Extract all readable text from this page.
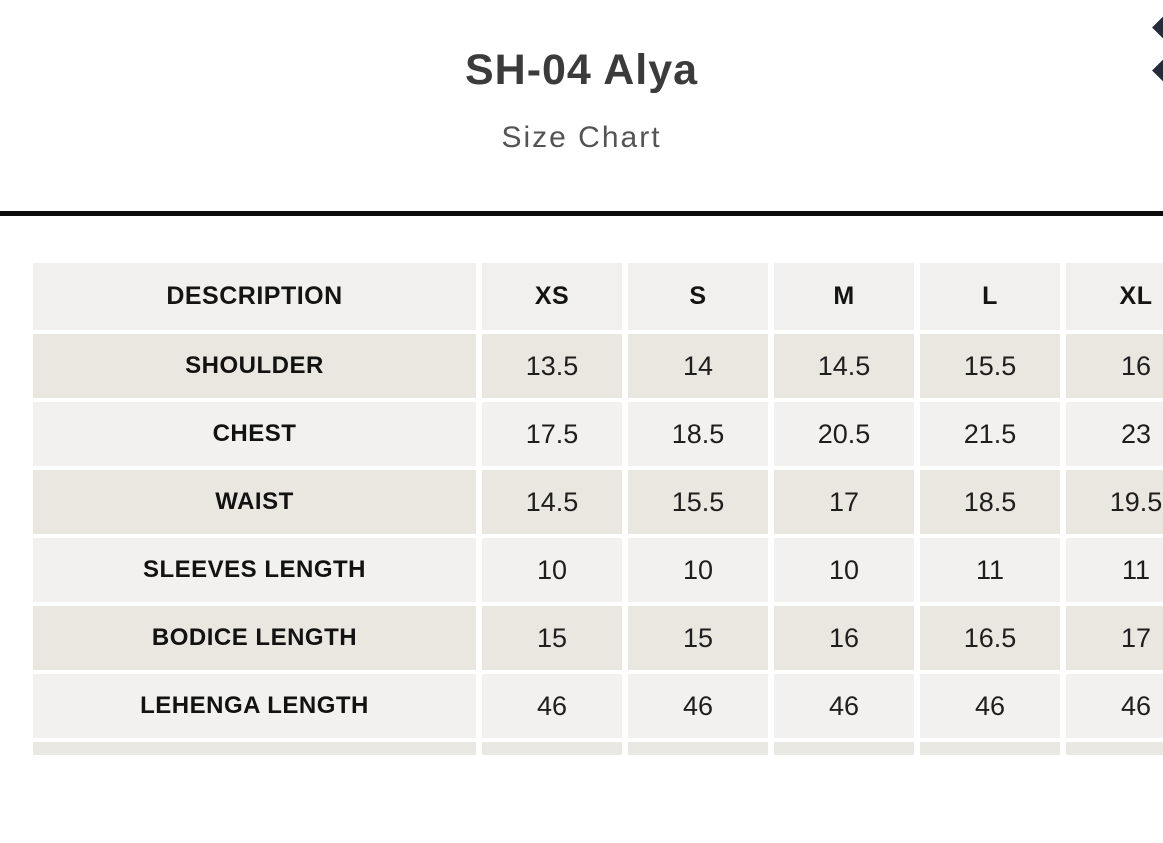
SH-04 Alya
Size Chart
DESCRIPTION	XS	S	M	L	XL
SHOULDER	13.5	14	14.5	15.5	16
CHEST	17.5	18.5	20.5	21.5	23
WAIST	14.5	15.5	17	18.5	19.5
SLEEVES LENGTH	10	10	10	11	11
BODICE LENGTH	15	15	16	16.5	17
LEHENGA LENGTH	46	46	46	46	46
